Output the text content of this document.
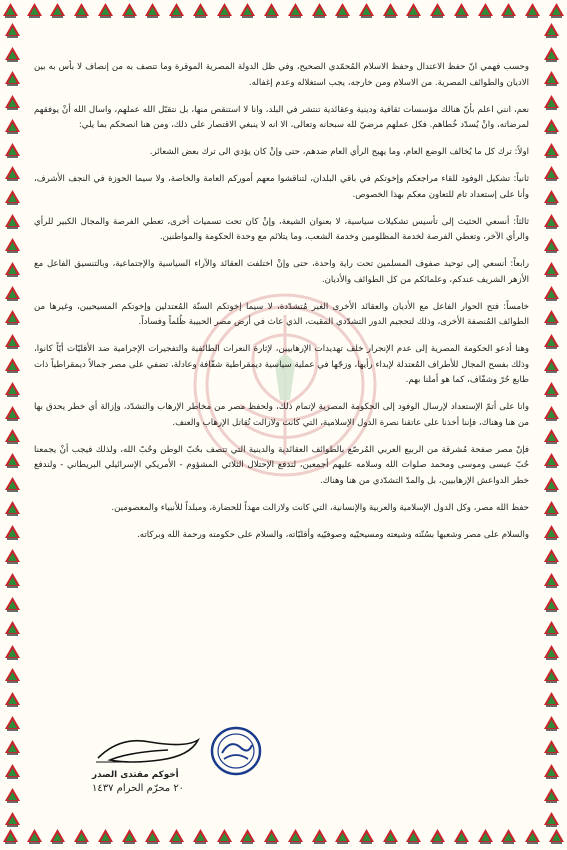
وحسب فهمي انّ حفظ الاعتدال وحفظ الاسلام المُحمّدي الصحيح، وفي ظل الدولة المصرية الموقرة وما تتصف به من إنصاف لا بأس به بين الاديان والطوائف المصرية. من الاسلام ومن خارجه، يجب استغلاله وعدم إغفاله.

نعم، انني اعلم بأنّ هنالك مؤسسات ثقافية ودينية وعقائدية تنتشر في البلد، وانا لا استنقص منها، بل نتقبّل الله عملهم، واسال الله أنْ يوفقهم لمرضاته، وانْ يُسدّد خُطاهم. فكل عملهم مرضيّ لله سبحانه وتعالى، الا انه لا ينبغي الاقتصار على ذلك، ومن هنا انصحكم بما يلي:

اولاً: ترك كل ما يُخالف الوضع العام، وما يهيج الرأي العام ضدهم، حتى وإنْ كان يؤدي الى ترك بعض الشعائر.

ثانياً: تشكيل الوفود للقاء مراجعكم وإخوتكم في باقي البلدان، لتناقشوا معهم أموركم العامة والخاصة، ولا سيما الحوزة في النجف الأشرف، وأنا على إستعداد تام للتعاون معكم بهذا الخصوص.

ثالثاً: أنسعي الحثيث إلى تأسيس تشكيلات سياسية، لا بعنوان الشيعة، وإنْ كان تحت تسميات أخرى، تعطي الفرصة والمجال الكبير للرأي والرأي الآخر، وتعطي الفرصة لخدمة المظلومين وخدمة الشعب، وما يتلائم مع وحدة الحكومة والمواطنين.

رابعاً: أنسعي إلى توحيد صفوف المسلمين تحت راية واحدة، حتى وإنْ اختلفت العقائد والآراء السياسية والإجتماعية، وبالتنسيق الفاعل مع الأزهر الشريف عندكم، وعلمائكم من كل الطوائف والأديان.

خامساً: فتح الحوار الفاعل مع الأديان والعقائد الأخرى الغير مُتشدّدة، لا سيما إخوتكم السنّة المُعتدلين وإخوتكم المسيحيين، وغيرها من الطوائف المُنصفة الأخرى، وذلك لتحجيم الدور التشدّدي المقيت، الذي عاث في أرض مصر الحبيبة ظُلماً وفساداً.

وهنا أدعو الحكومة المصرية إلى عدم الإنجرار خلف تهديدات الإرهابيين، لإثارة النعرات الطائفية والتفجيرات الإجرامية ضد الأقليّات أيّاً كانوا، وذلك بفسح المجال للأطراف المُعتدلة لإبداء رأيها، وزجّها في عملية سياسية ديمقراطية شفّافة وعادلة، تضفي على مصر جمالاً ديمقراطياً ذات طابع حُرّ وشفّاف، كما هو أملنا بهم.

وانا على أتمّ الإستعداد لإرسال الوفود إلى الحكومة المصرية لإتمام ذلك، ولحفظ مصر من مخاطر الإرهاب والتشدّد، وإزالة أي خطر يحدق بها من هنا وهناك، فإننا أخذنا على عاتقنا نصرة الدول الإسلامية، التي كانت ولازالت تُقاتل الإرهاب والعنف.

فإنّ مصر صفحة مُشرقة من الربيع العربي المُرصّع بالطوائف العقائدية والدينية التي تتصف بحُبّ الوطن وحُبّ الله، ولذلك فيجب أنْ يجمعنا حُبّ عيسى وموسى ومحمد صلوات الله وسلامه عليهم أجمعين، لندفع الإحتلال الثلاثي المشؤوم - الأمريكي الإسرائيلي البريطاني - ولندفع خطر الدواعش الإرهابيين، بل والمدّ التشدّدي من هنا وهناك.

حفظ الله مصر، وكل الدول الإسلامية والعربية والإنسانية، التي كانت ولازالت مهداً للحضارة، ومبلداً للأنبياء والمعصومين.

والسلام على مصر وشعبها بسُنّته وشيعته ومسيحيّيه وصوفيّيه وأقليّاته، والسلام على حكومته ورحمة الله وبركاته.

أخوكم مقتدى الصدر
٢٠ محرّم الحرام ١٤٣٧
